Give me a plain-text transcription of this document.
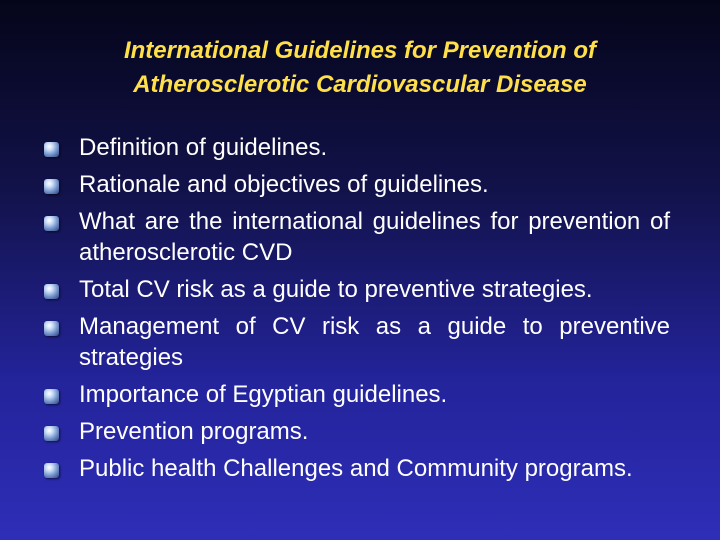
International Guidelines for Prevention of
Atherosclerotic Cardiovascular Disease
Definition of guidelines.
Rationale and objectives of guidelines.
What are the international guidelines for prevention of atherosclerotic CVD
Total CV risk as a guide to preventive strategies.
Management of CV risk as a guide to preventive strategies
Importance of Egyptian guidelines.
Prevention programs.
Public health Challenges and Community programs.
